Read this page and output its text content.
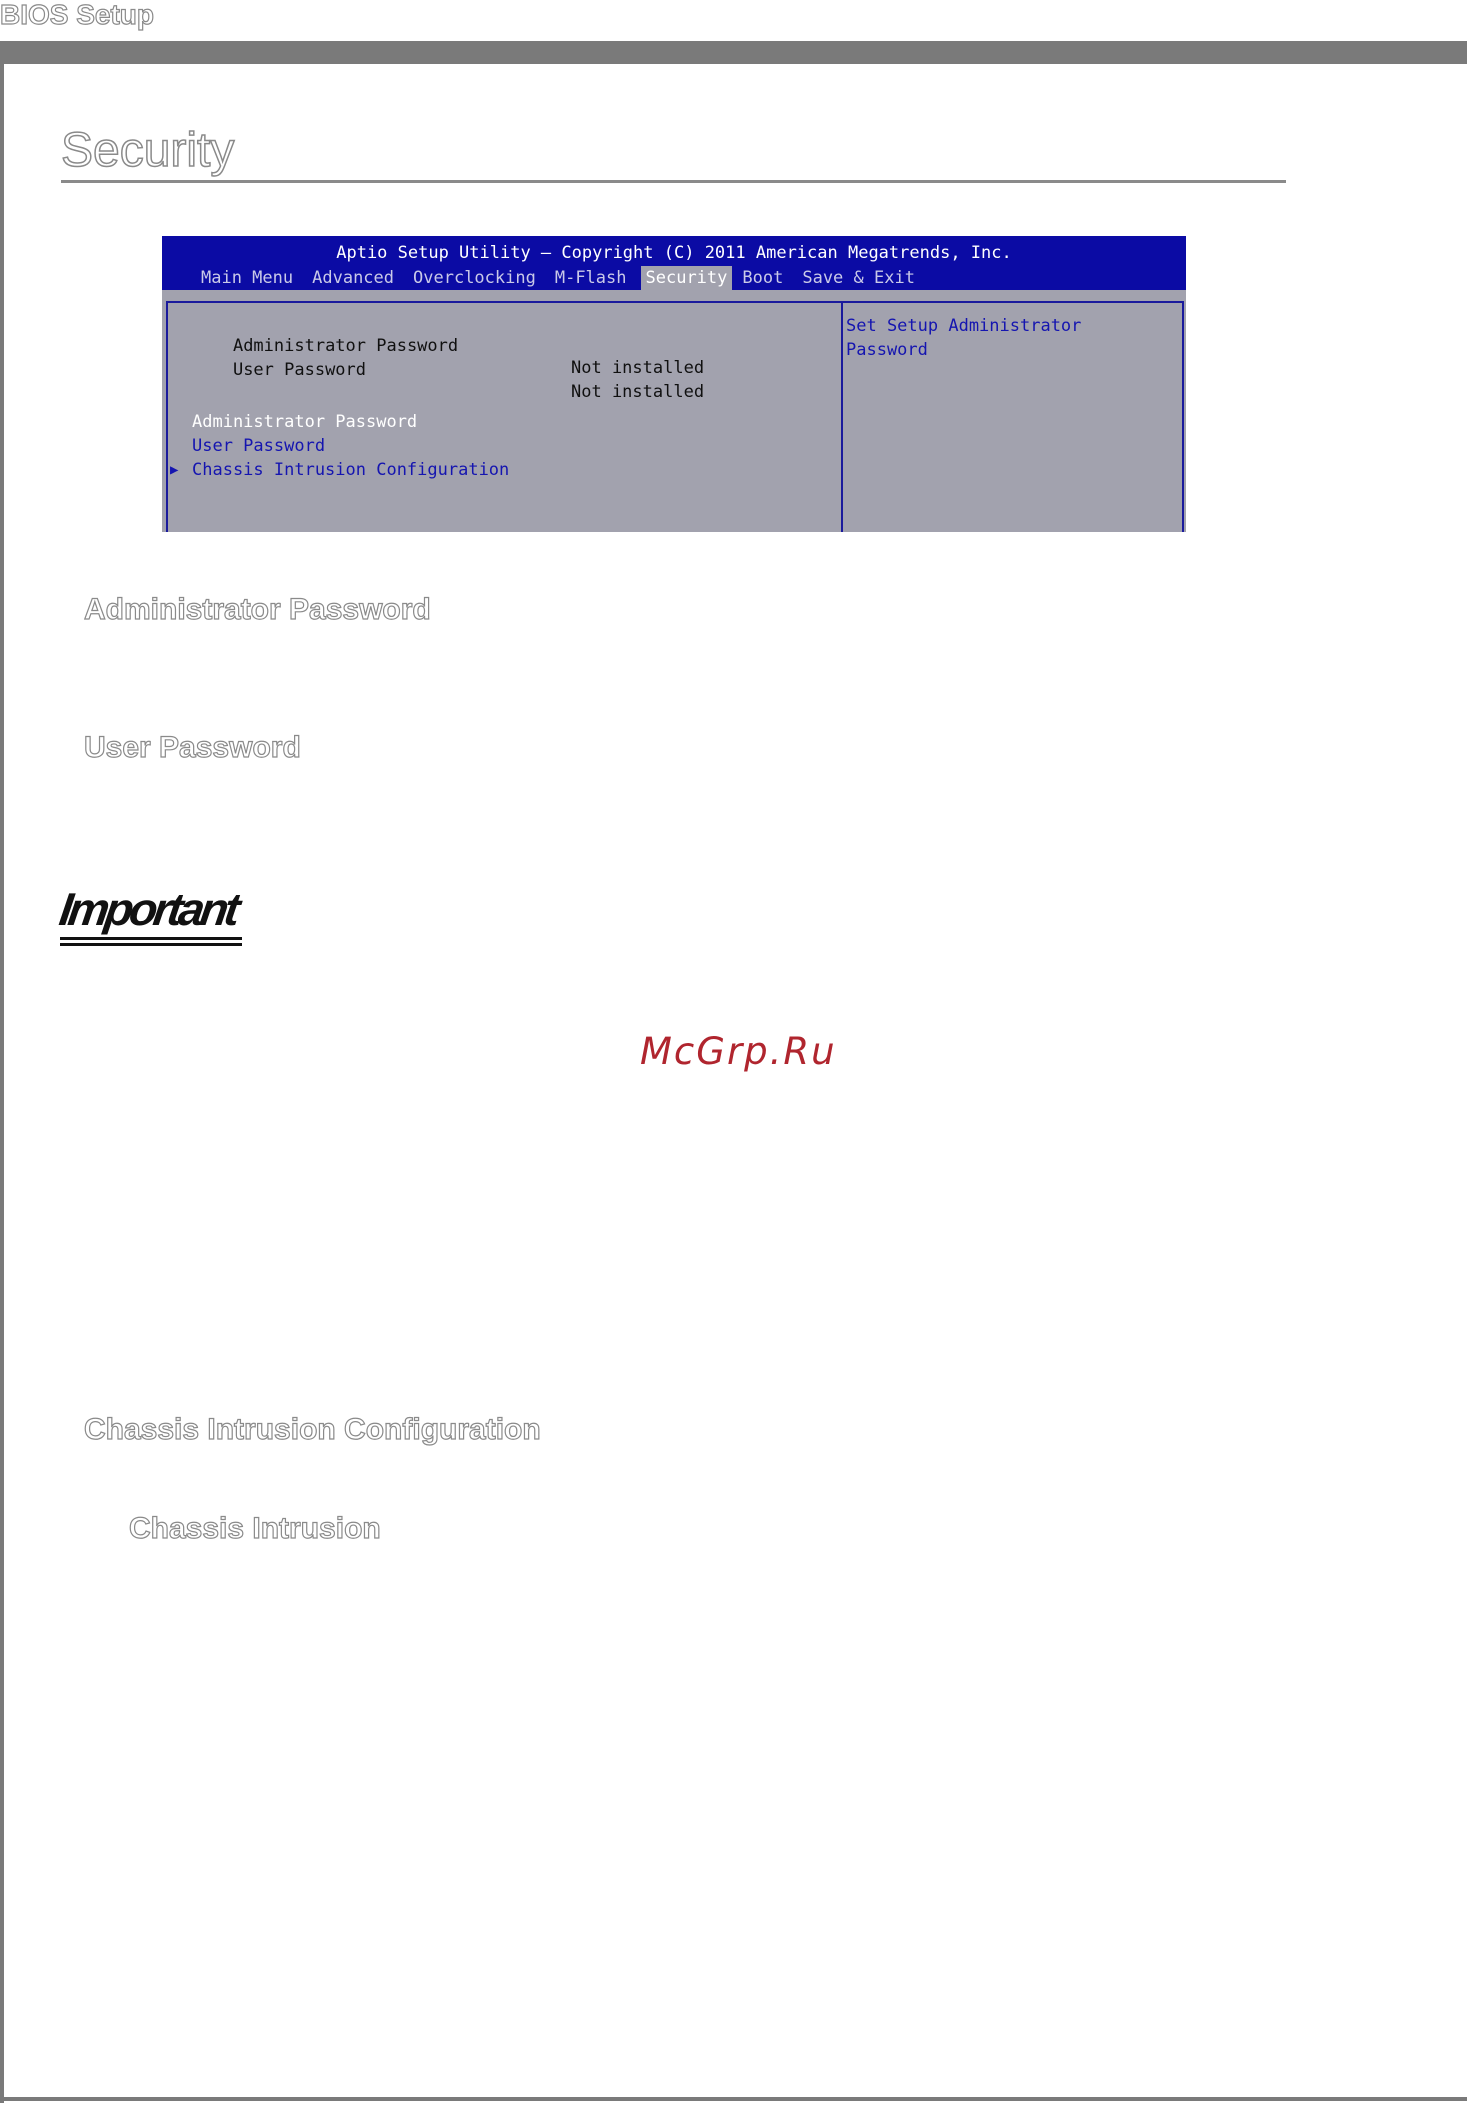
BIOS Setup
Security
Aptio Setup Utility – Copyright (C) 2011 American Megatrends, Inc.
Main Menu Advanced Overclocking M-Flash Security Boot Save & Exit

Administrator Password

Not installed

User Password

Not installed

Administrator Password
User Password
▶ Chassis Intrusion Configuration
Set Setup Administrator
Password
Administrator Password
User Password
Important
McGrp.Ru
Chassis Intrusion Configuration
Chassis Intrusion
